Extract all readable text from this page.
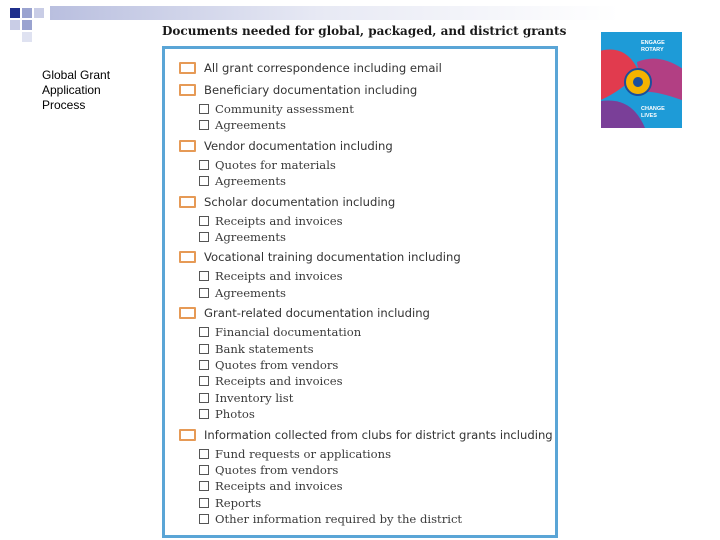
Global Grant
Application
Process
Documents needed for global, packaged, and district grants
All grant correspondence including email
Beneficiary documentation including
Community assessment
Agreements
Vendor documentation including
Quotes for materials
Agreements
Scholar documentation including
Receipts and invoices
Agreements
Vocational training documentation including
Receipts and invoices
Agreements
Grant-related documentation including
Financial documentation
Bank statements
Quotes from vendors
Receipts and invoices
Inventory list
Photos
Information collected from clubs for district grants including
Fund requests or applications
Quotes from vendors
Receipts and invoices
Reports
Other information required by the district
ENGAGE
ROTARY
CHANGE
LIVES
